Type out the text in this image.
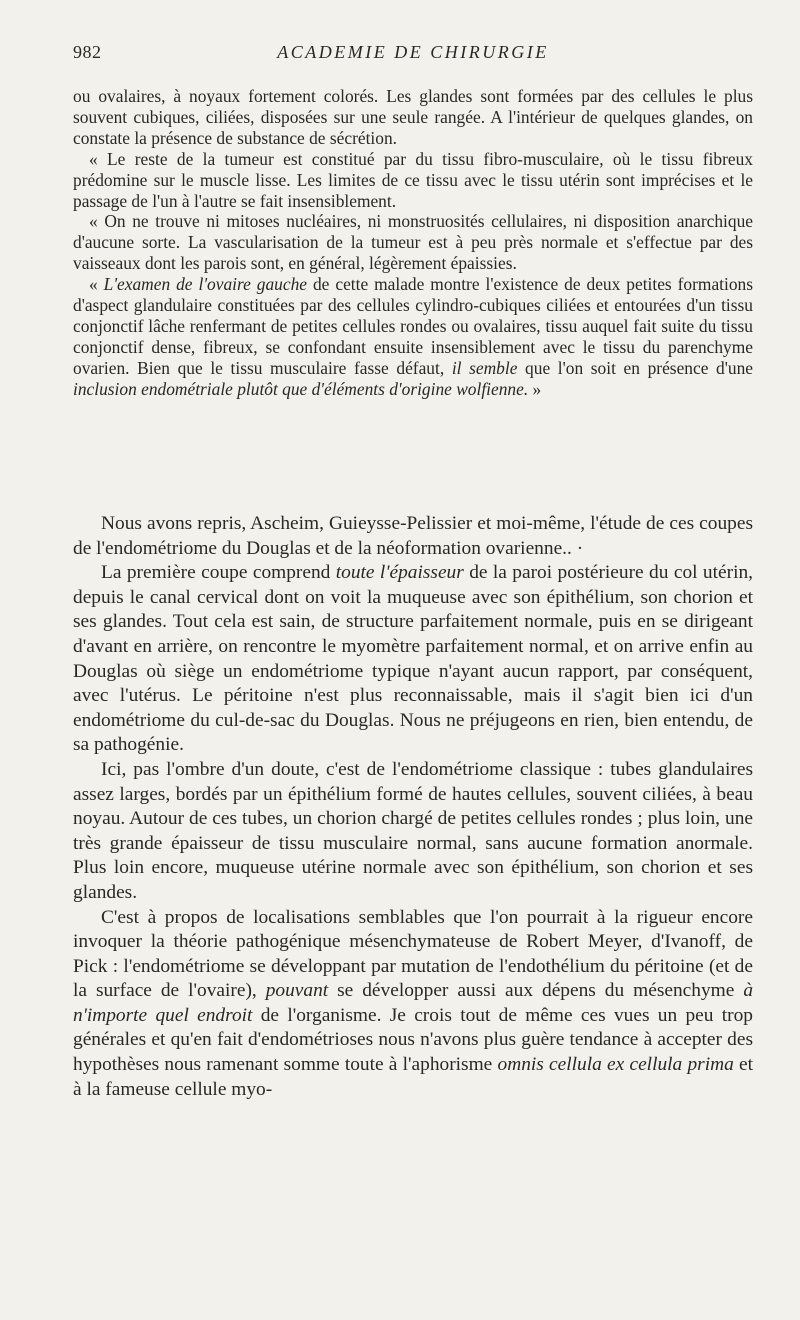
982	ACADEMIE DE CHIRURGIE

ou ovalaires, à noyaux fortement colorés. Les glandes sont formées par des cellules le plus souvent cubiques, ciliées, disposées sur une seule rangée. A l'intérieur de quelques glandes, on constate la présence de substance de sécrétion.

« Le reste de la tumeur est constitué par du tissu fibro-musculaire, où le tissu fibreux prédomine sur le muscle lisse. Les limites de ce tissu avec le tissu utérin sont imprécises et le passage de l'un à l'autre se fait insensiblement.

« On ne trouve ni mitoses nucléaires, ni monstruosités cellulaires, ni disposition anarchique d'aucune sorte. La vascularisation de la tumeur est à peu près normale et s'effectue par des vaisseaux dont les parois sont, en général, légèrement épaissies.

« L'examen de l'ovaire gauche de cette malade montre l'existence de deux petites formations d'aspect glandulaire constituées par des cellules cylindro-cubiques ciliées et entourées d'un tissu conjonctif lâche renfermant de petites cellules rondes ou ovalaires, tissu auquel fait suite du tissu conjonctif dense, fibreux, se confondant ensuite insensiblement avec le tissu du parenchyme ovarien. Bien que le tissu musculaire fasse défaut, il semble que l'on soit en présence d'une inclusion endométriale plutôt que d'éléments d'origine wolfienne. »

Nous avons repris, Ascheim, Guieysse-Pelissier et moi-même, l'étude de ces coupes de l'endométriome du Douglas et de la néoformation ovarienne.. ·

La première coupe comprend toute l'épaisseur de la paroi postérieure du col utérin, depuis le canal cervical dont on voit la muqueuse avec son épithélium, son chorion et ses glandes. Tout cela est sain, de structure parfaitement normale, puis en se dirigeant d'avant en arrière, on rencontre le myomètre parfaitement normal, et on arrive enfin au Douglas où siège un endométriome typique n'ayant aucun rapport, par conséquent, avec l'utérus. Le péritoine n'est plus reconnaissable, mais il s'agit bien ici d'un endométriome du cul-de-sac du Douglas. Nous ne préjugeons en rien, bien entendu, de sa pathogénie.

Ici, pas l'ombre d'un doute, c'est de l'endométriome classique : tubes glandulaires assez larges, bordés par un épithélium formé de hautes cellules, souvent ciliées, à beau noyau. Autour de ces tubes, un chorion chargé de petites cellules rondes ; plus loin, une très grande épaisseur de tissu musculaire normal, sans aucune formation anormale. Plus loin encore, muqueuse utérine normale avec son épithélium, son chorion et ses glandes.

C'est à propos de localisations semblables que l'on pourrait à la rigueur encore invoquer la théorie pathogénique mésenchymateuse de Robert Meyer, d'Ivanoff, de Pick : l'endométriome se développant par mutation de l'endothélium du péritoine (et de la surface de l'ovaire), pouvant se développer aussi aux dépens du mésenchyme à n'importe quel endroit de l'organisme. Je crois tout de même ces vues un peu trop générales et qu'en fait d'endométrioses nous n'avons plus guère tendance à accepter des hypothèses nous ramenant somme toute à l'aphorisme omnis cellula ex cellula prima et à la fameuse cellule myo-
